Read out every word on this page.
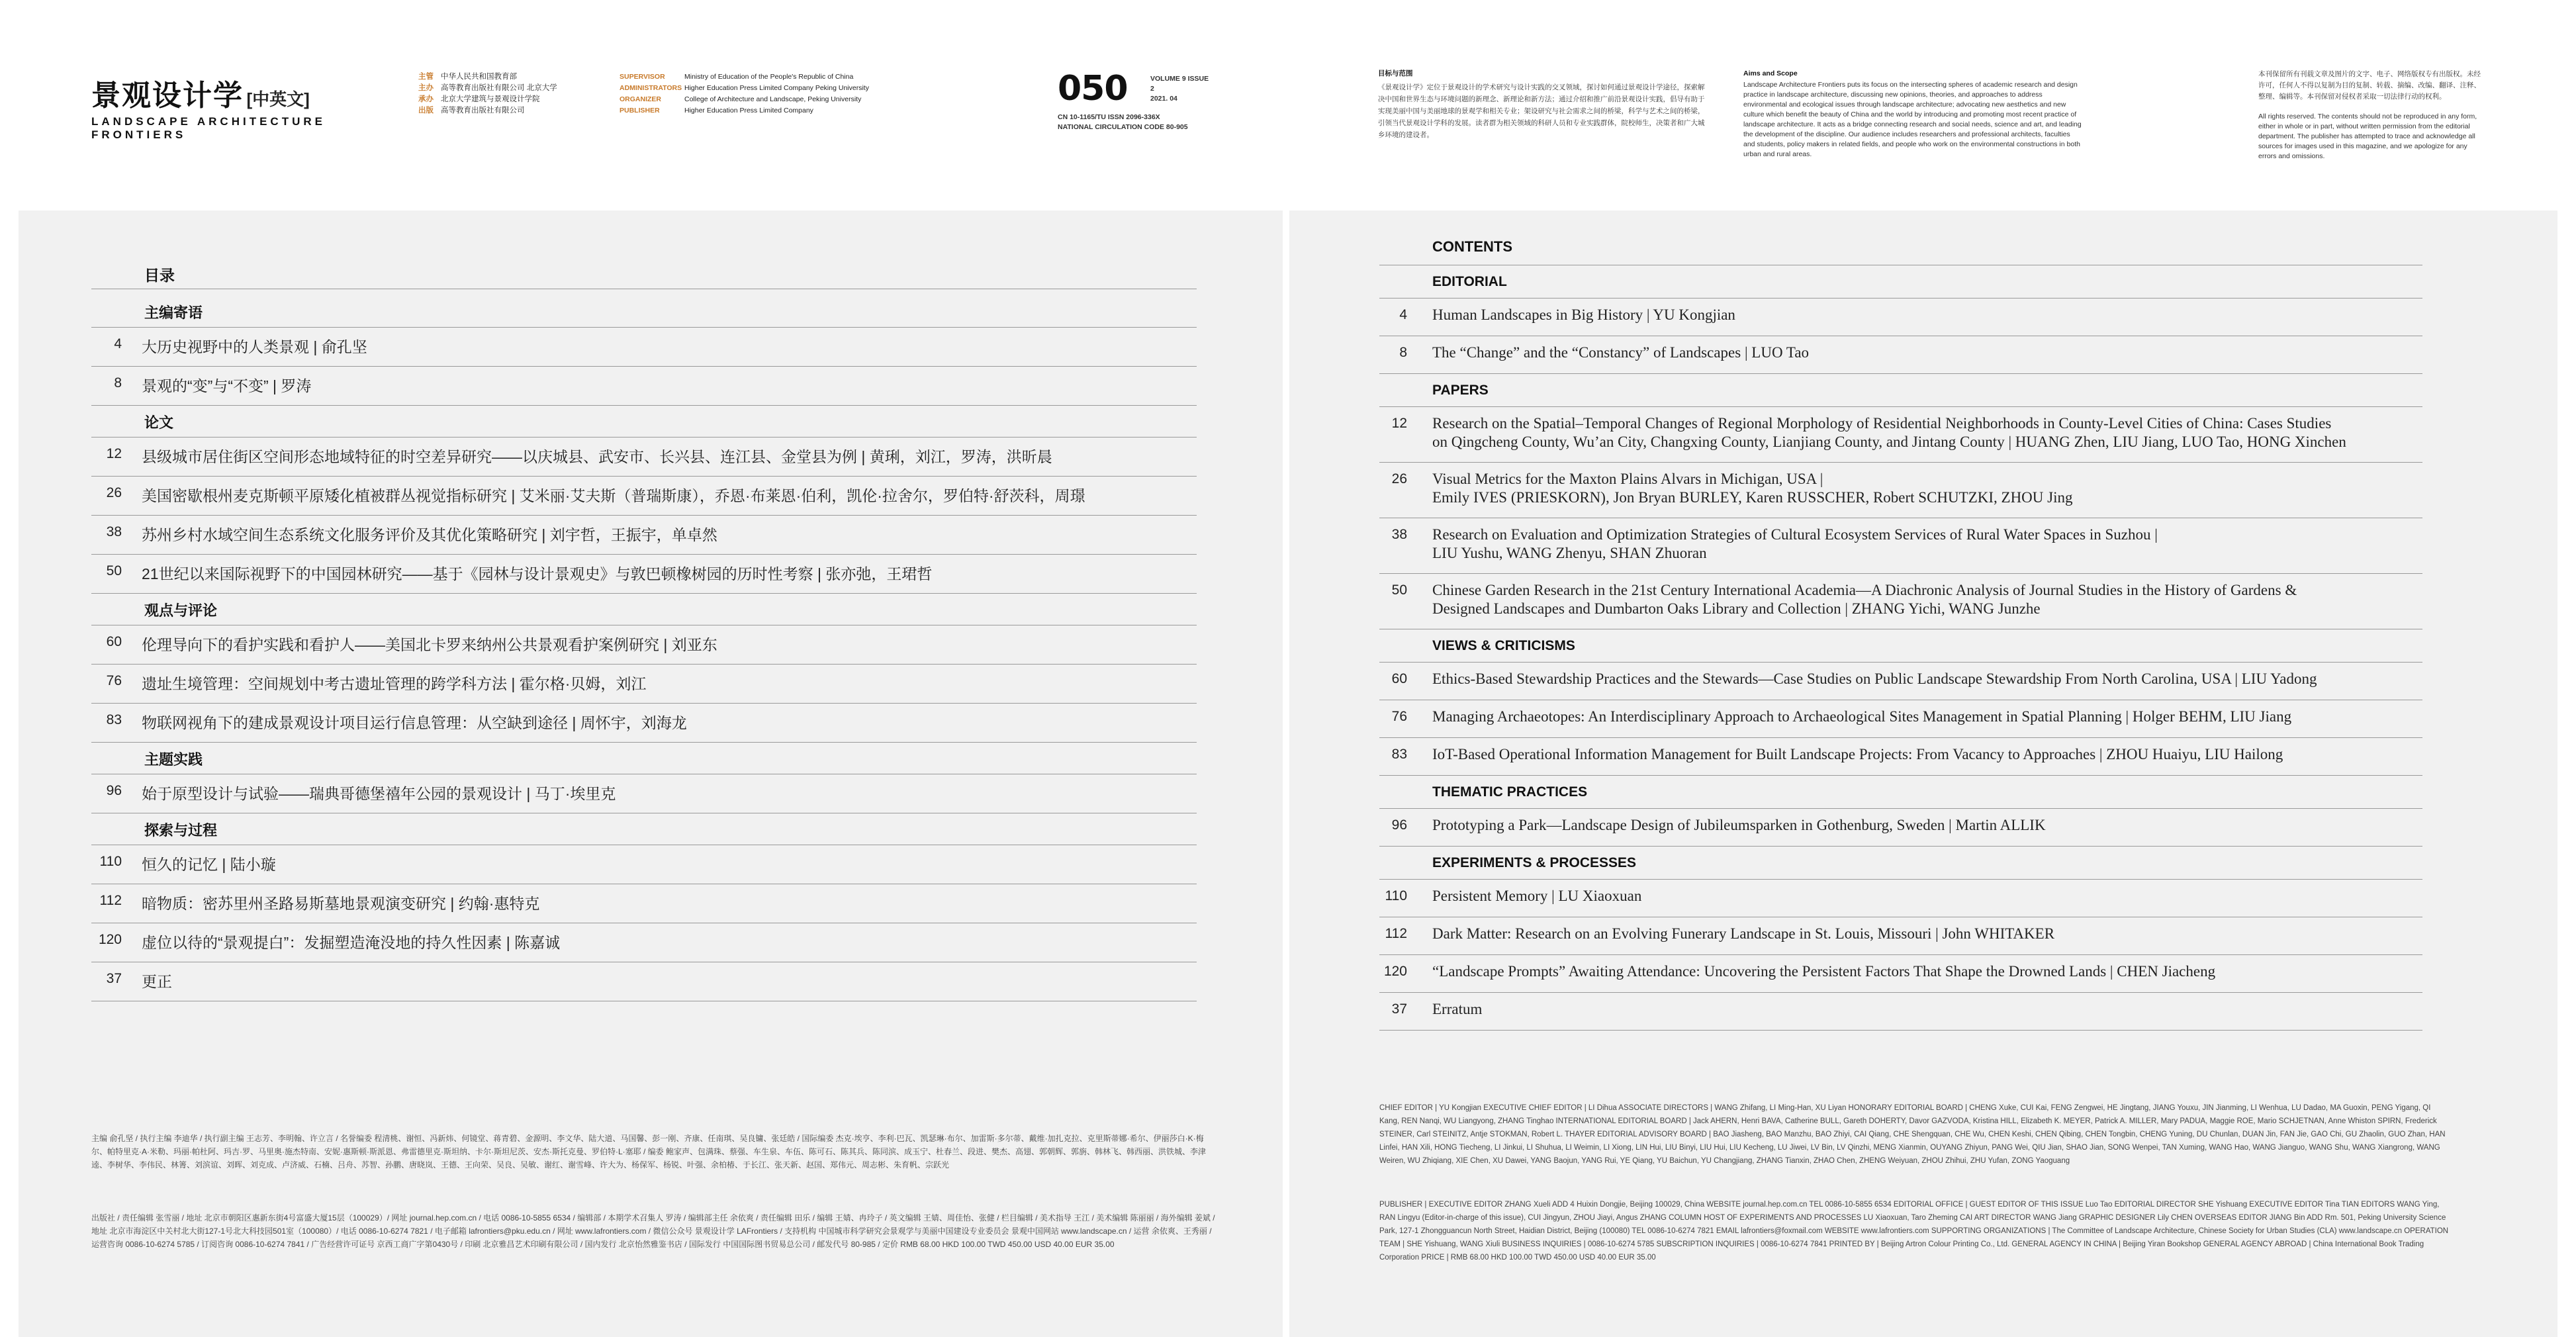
景观设计学 [中英文]
LANDSCAPE ARCHITECTURE FRONTIERS
主管 中华人民共和国教育部
主办 高等教育出版社有限公司 北京大学
承办 北京大学建筑与景观设计学院
出版 高等教育出版社有限公司
SUPERVISOR	Ministry of Education of the People's Republic of China
ADMINISTRATORS Higher Education Press Limited Company Peking University
ORGANIZER	College of Architecture and Landscape, Peking University
PUBLISHER	Higher Education Press Limited Company
050	VOLUME 9 ISSUE 2
2021. 04
CN 10-1165/TU ISSN 2096-336X
NATIONAL CIRCULATION CODE 80-905
目标与范围
《景观设计学》定位于景观设计的学术研究与设计实践的交叉领域，探讨如何通过景观设计学途径，探索解决中国和世界生态与环境问题的新理念、新理论和新方法；通过介绍和推广前沿景观设计实践，倡导有助于实现美丽中国与美丽地球的景观学和相关专业；架设研究与社会需求之间的桥梁，科学与艺术之间的桥梁，引领当代景观设计学科的发展。读者群为相关领域的科研人员和专业实践群体，院校师生，决策者和广大城乡环境的建设者。
Aims and Scope
Landscape Architecture Frontiers puts its focus on the intersecting spheres of academic research and design practice in landscape architecture, discussing new opinions, theories, and approaches to address environmental and ecological issues through landscape architecture; advocating new aesthetics and new culture which benefit the beauty of China and the world by introducing and promoting most recent practice of landscape architecture. It acts as a bridge connecting research and social needs, science and art, and leading the development of the discipline. Our audience includes researchers and professional architects, faculties and students, policy makers in related fields, and people who work on the environmental constructions in both urban and rural areas.
本刊保留所有刊载文章及图片的文字、电子、网络版权专有出版权。未经许可，任何人不得以复制为目的复制、转载、摘编、改编、翻译、注释、整理、编辑等。本刊保留对侵权者采取一切法律行动的权利。
All rights reserved. The contents should not be reproduced in any form, either in whole or in part, without written permission from the editorial department. The publisher has attempted to trace and acknowledge all sources for images used in this magazine, and we apologize for any errors and omissions.
目录
主编寄语
4 大历史视野中的人类景观 | 俞孔坚
8 景观的“变”与“不变” | 罗涛
论文
12 县级城市居住街区空间形态地域特征的时空差异研究——以庆城县、武安市、长兴县、连江县、金堂县为例 | 黄琍，刘江，罗涛，洪昕晨
26 美国密歇根州麦克斯顿平原矮化植被群丛视觉指标研究 | 艾米丽·艾夫斯（普瑞斯康），乔恩·布莱恩·伯利，凯伦·拉舍尔，罗伯特·舒茨科，周璟
38 苏州乡村水域空间生态系统文化服务评价及其优化策略研究 | 刘宇哲，王振宇，单卓然
50 21世纪以来国际视野下的中国园林研究——基于《园林与设计景观史》与敦巴顿橡树园的历时性考察 | 张亦弛，王珺哲
观点与评论
60 伦理导向下的看护实践和看护人——美国北卡罗来纳州公共景观看护案例研究 | 刘亚东
76 遗址生境管理：空间规划中考古遗址管理的跨学科方法 | 霍尔格·贝姆，刘江
83 物联网视角下的建成景观设计项目运行信息管理：从空缺到途径 | 周怀宇，刘海龙
主题实践
96 始于原型设计与试验——瑞典哥德堡禧年公园的景观设计 | 马丁·埃里克
探索与过程
110 恒久的记忆 | 陆小璇
112 暗物质：密苏里州圣路易斯墓地景观演变研究 | 约翰·惠特克
120 虚位以待的“景观提白”：发掘塑造淹没地的持久性因素 | 陈嘉诚
37 更正
主编 俞孔坚 / 执行主编 李迪华 / 执行副主编 王志芳、李明翰、许立言 / 名誉编委 程清桃、谢恒、冯新炜、何镜堂、蒋青碧、金源明、李文华、陆大道、马国馨、彭一刚、齐康、任南琪、吴良镛、张廷皓 / 国际编委 杰克·埃亨、李利·巴瓦、凯瑟琳·布尔、加雷斯·多尔蒂、戴维·加扎克拉、克里斯蒂娜·希尔、伊丽莎白·K·梅尔、帕特里克·A·米勒、玛丽·帕杜阿、玛吉·罗、马里奥·施杰特南、安妮·惠斯顿·斯派恩、弗雷德里克·斯坦纳、卡尔·斯坦尼茨、安杰·斯托克曼、罗伯特·L·塞耶 / 编委 鲍家声、包满珠、蔡强、车生泉、车伍、陈可石、陈其兵、陈同滨、成玉宁、杜春兰、段进、樊杰、高翅、郭朝辉、郭旃、韩林飞、韩西丽、洪铁城、李津逵、李树华、李伟民、林箐、刘滨谊、刘晖、刘克成、卢济威、石楠、吕舟、苏智、孙鹏、唐晓岚、王德、王向荣、吴良、吴敏、谢红、谢雪峰、许大为、杨保军、杨锐、叶强、余柏椿、于长江、张天新、赵国、郑伟元、周志彬、朱育帆、宗跃光
出版社 / 责任编辑 张雪丽 / 地址 北京市朝阳区惠新东街4号富盛大厦15层（100029）/ 网址 journal.hep.com.cn / 电话 0086-10-5855 6534 / 编辑部 / 本期学术召集人 罗涛 / 编辑部主任 余依爽 / 责任编辑 田乐 / 编辑 王婧、冉玲子 / 英文编辑 王婧、周佳怡、张健 / 栏目编辑 / 美术指导 王江 / 美术编辑 陈丽丽 / 海外编辑 姜斌 / 地址 北京市海淀区中关村北大街127-1号北大科技园501室（100080）/ 电话 0086-10-6274 7821 / 电子邮箱 lafrontiers@pku.edu.cn / 网址 www.lafrontiers.com / 微信公众号 景观设计学 LAFrontiers / 支持机构 中国城市科学研究会景观学与美丽中国建设专业委员会 景观中国网站 www.landscape.cn / 运营 余依爽、王秀丽 / 运营咨询 0086-10-6274 5785 / 订阅咨询 0086-10-6274 7841 / 广告经营许可证号 京西工商广字第0430号 / 印刷 北京雅昌艺术印刷有限公司 / 国内发行 北京怡然雅鉴书店 / 国际发行 中国国际图书贸易总公司 / 邮发代号 80-985 / 定价 RMB 68.00 HKD 100.00 TWD 450.00 USD 40.00 EUR 35.00
CONTENTS
EDITORIAL
4 Human Landscapes in Big History | YU Kongjian
8 The “Change” and the “Constancy” of Landscapes | LUO Tao
PAPERS
12 Research on the Spatial–Temporal Changes of Regional Morphology of Residential Neighborhoods in County-Level Cities of China: Cases Studies
on Qingcheng County, Wu’an City, Changxing County, Lianjiang County, and Jintang County | HUANG Zhen, LIU Jiang, LUO Tao, HONG Xinchen
26 Visual Metrics for the Maxton Plains Alvars in Michigan, USA |
Emily IVES (PRIESKORN), Jon Bryan BURLEY, Karen RUSSCHER, Robert SCHUTZKI, ZHOU Jing
38 Research on Evaluation and Optimization Strategies of Cultural Ecosystem Services of Rural Water Spaces in Suzhou |
LIU Yushu, WANG Zhenyu, SHAN Zhuoran
50 Chinese Garden Research in the 21st Century International Academia—A Diachronic Analysis of Journal Studies in the History of Gardens &
Designed Landscapes and Dumbarton Oaks Library and Collection | ZHANG Yichi, WANG Junzhe
VIEWS & CRITICISMS
60 Ethics-Based Stewardship Practices and the Stewards—Case Studies on Public Landscape Stewardship From North Carolina, USA | LIU Yadong
76 Managing Archaeotopes: An Interdisciplinary Approach to Archaeological Sites Management in Spatial Planning | Holger BEHM, LIU Jiang
83 IoT-Based Operational Information Management for Built Landscape Projects: From Vacancy to Approaches | ZHOU Huaiyu, LIU Hailong
THEMATIC PRACTICES
96 Prototyping a Park—Landscape Design of Jubileumsparken in Gothenburg, Sweden | Martin ALLIK
EXPERIMENTS & PROCESSES
110 Persistent Memory | LU Xiaoxuan
112 Dark Matter: Research on an Evolving Funerary Landscape in St. Louis, Missouri | John WHITAKER
120 “Landscape Prompts” Awaiting Attendance: Uncovering the Persistent Factors That Shape the Drowned Lands | CHEN Jiacheng
37 Erratum
CHIEF EDITOR | YU Kongjian EXECUTIVE CHIEF EDITOR | LI Dihua ASSOCIATE DIRECTORS | WANG Zhifang, LI Ming-Han, XU Liyan HONORARY EDITORIAL BOARD | CHENG Xuke, CUI Kai, FENG Zengwei, HE Jingtang, JIANG Youxu, JIN Jianming, LI Wenhua, LU Dadao, MA Guoxin, PENG Yigang, QI Kang, REN Nanqi, WU Liangyong, ZHANG Tinghao INTERNATIONAL EDITORIAL BOARD | Jack AHERN, Henri BAVA, Catherine BULL, Gareth DOHERTY, Davor GAZVODA, Kristina HILL, Elizabeth K. MEYER, Patrick A. MILLER, Mary PADUA, Maggie ROE, Mario SCHJETNAN, Anne Whiston SPIRN, Frederick STEINER, Carl STEINITZ, Antje STOKMAN, Robert L. THAYER EDITORIAL ADVISORY BOARD | BAO Jiasheng, BAO Manzhu, BAO Zhiyi, CAI Qiang, CHE Shengquan, CHE Wu, CHEN Keshi, CHEN Qibing, CHEN Tongbin, CHENG Yuning, DU Chunlan, DUAN Jin, FAN Jie, GAO Chi, GU Zhaolin, GUO Zhan, HAN Linfei, HAN Xili, HONG Tiecheng, LI Jinkui, LI Shuhua, LI Weimin, LI Xiong, LIN Hui, LIU Binyi, LIU Hui, LIU Kecheng, LU Jiwei, LV Bin, LV Qinzhi, MENG Xianmin, OUYANG Zhiyun, PANG Wei, QIU Jian, SHAO Jian, SONG Wenpei, TAN Xuming, WANG Hao, WANG Jianguo, WANG Shu, WANG Xiangrong, WANG Weiren, WU Zhiqiang, XIE Chen, XU Dawei, YANG Baojun, YANG Rui, YE Qiang, YU Baichun, YU Changjiang, ZHANG Tianxin, ZHAO Chen, ZHENG Weiyuan, ZHOU Zhihui, ZHU Yufan, ZONG Yaoguang
PUBLISHER | EXECUTIVE EDITOR ZHANG Xueli ADD 4 Huixin Dongjie, Beijing 100029, China WEBSITE journal.hep.com.cn TEL 0086-10-5855 6534 EDITORIAL OFFICE | GUEST EDITOR OF THIS ISSUE Luo Tao EDITORIAL DIRECTOR SHE Yishuang EXECUTIVE EDITOR Tina TIAN EDITORS WANG Ying, RAN Lingyu (Editor-in-charge of this issue), CUI Jingyun, ZHOU Jiayi, Angus ZHANG COLUMN HOST OF EXPERIMENTS AND PROCESSES LU Xiaoxuan, Taro Zheming CAI ART DIRECTOR WANG Jiang GRAPHIC DESIGNER Lily CHEN OVERSEAS EDITOR JIANG Bin ADD Rm. 501, Peking University Science Park, 127-1 Zhongguancun North Street, Haidian District, Beijing (100080) TEL 0086-10-6274 7821 EMAIL lafrontiers@foxmail.com WEBSITE www.lafrontiers.com SUPPORTING ORGANIZATIONS | The Committee of Landscape Architecture, Chinese Society for Urban Studies (CLA) www.landscape.cn OPERATION TEAM | SHE Yishuang, WANG Xiuli BUSINESS INQUIRIES | 0086-10-6274 5785 SUBSCRIPTION INQUIRIES | 0086-10-6274 7841 PRINTED BY | Beijing Artron Colour Printing Co., Ltd. GENERAL AGENCY IN CHINA | Beijing Yiran Bookshop GENERAL AGENCY ABROAD | China International Book Trading Corporation PRICE | RMB 68.00 HKD 100.00 TWD 450.00 USD 40.00 EUR 35.00
